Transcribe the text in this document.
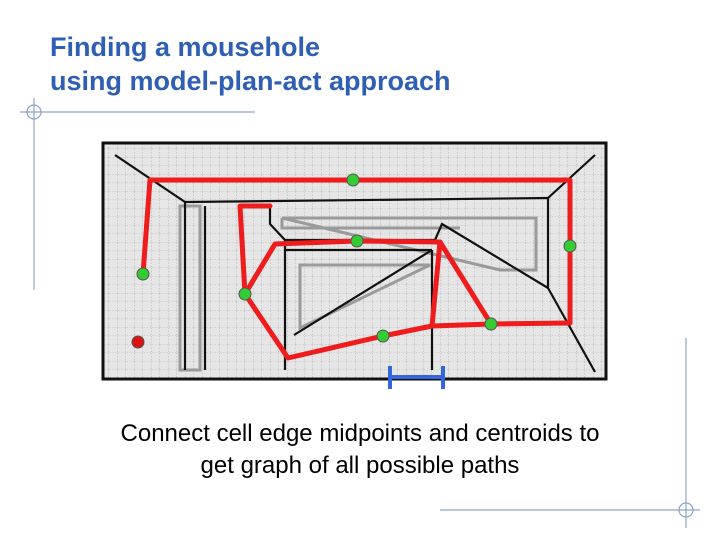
Finding a mousehole
using model-plan-act approach
Connect cell edge midpoints and centroids to
get graph of all possible paths
